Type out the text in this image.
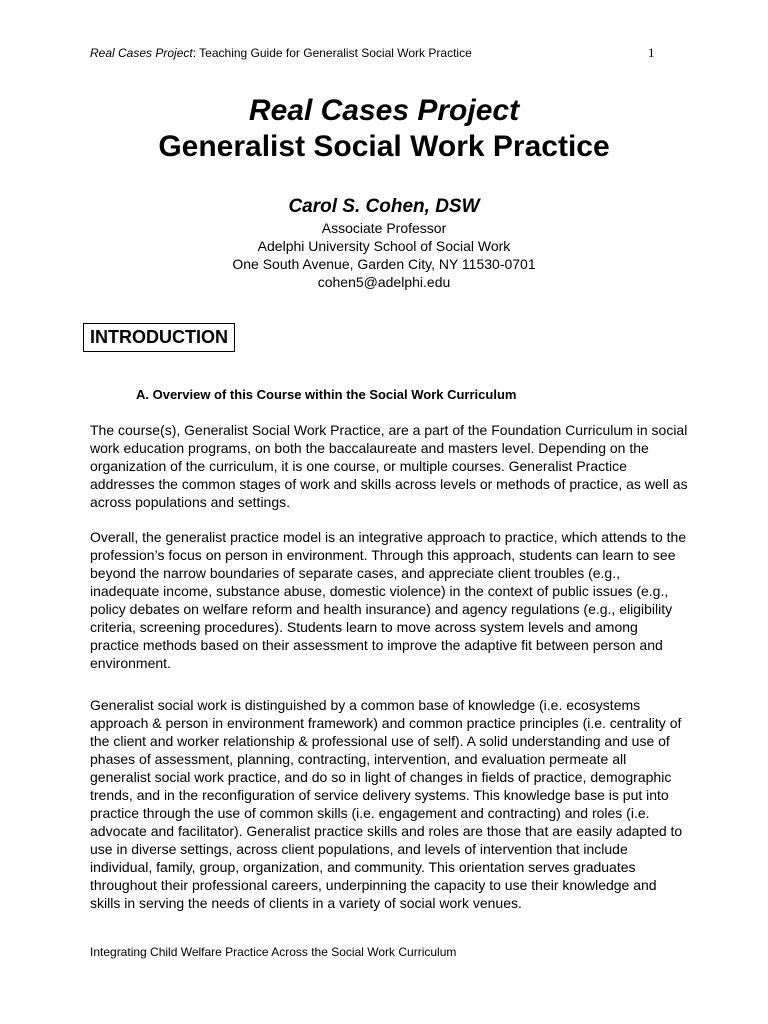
Real Cases Project: Teaching Guide for Generalist Social Work Practice	1
Real Cases Project
Generalist Social Work Practice
Carol S. Cohen, DSW
Associate Professor
Adelphi University School of Social Work
One South Avenue, Garden City, NY 11530-0701
cohen5@adelphi.edu
INTRODUCTION
A. Overview of this Course within the Social Work Curriculum

The course(s), Generalist Social Work Practice, are a part of the Foundation Curriculum in social work education programs, on both the baccalaureate and masters level. Depending on the organization of the curriculum, it is one course, or multiple courses. Generalist Practice addresses the common stages of work and skills across levels or methods of practice, as well as across populations and settings.

Overall, the generalist practice model is an integrative approach to practice, which attends to the profession’s focus on person in environment. Through this approach, students can learn to see beyond the narrow boundaries of separate cases, and appreciate client troubles (e.g., inadequate income, substance abuse, domestic violence) in the context of public issues (e.g., policy debates on welfare reform and health insurance) and agency regulations (e.g., eligibility criteria, screening procedures). Students learn to move across system levels and among practice methods based on their assessment to improve the adaptive fit between person and environment.

Generalist social work is distinguished by a common base of knowledge (i.e. ecosystems approach & person in environment framework) and common practice principles (i.e. centrality of the client and worker relationship & professional use of self). A solid understanding and use of phases of assessment, planning, contracting, intervention, and evaluation permeate all generalist social work practice, and do so in light of changes in fields of practice, demographic trends, and in the reconfiguration of service delivery systems. This knowledge base is put into practice through the use of common skills (i.e. engagement and contracting) and roles (i.e. advocate and facilitator). Generalist practice skills and roles are those that are easily adapted to use in diverse settings, across client populations, and levels of intervention that include individual, family, group, organization, and community. This orientation serves graduates throughout their professional careers, underpinning the capacity to use their knowledge and skills in serving the needs of clients in a variety of social work venues.

Integrating Child Welfare Practice Across the Social Work Curriculum
